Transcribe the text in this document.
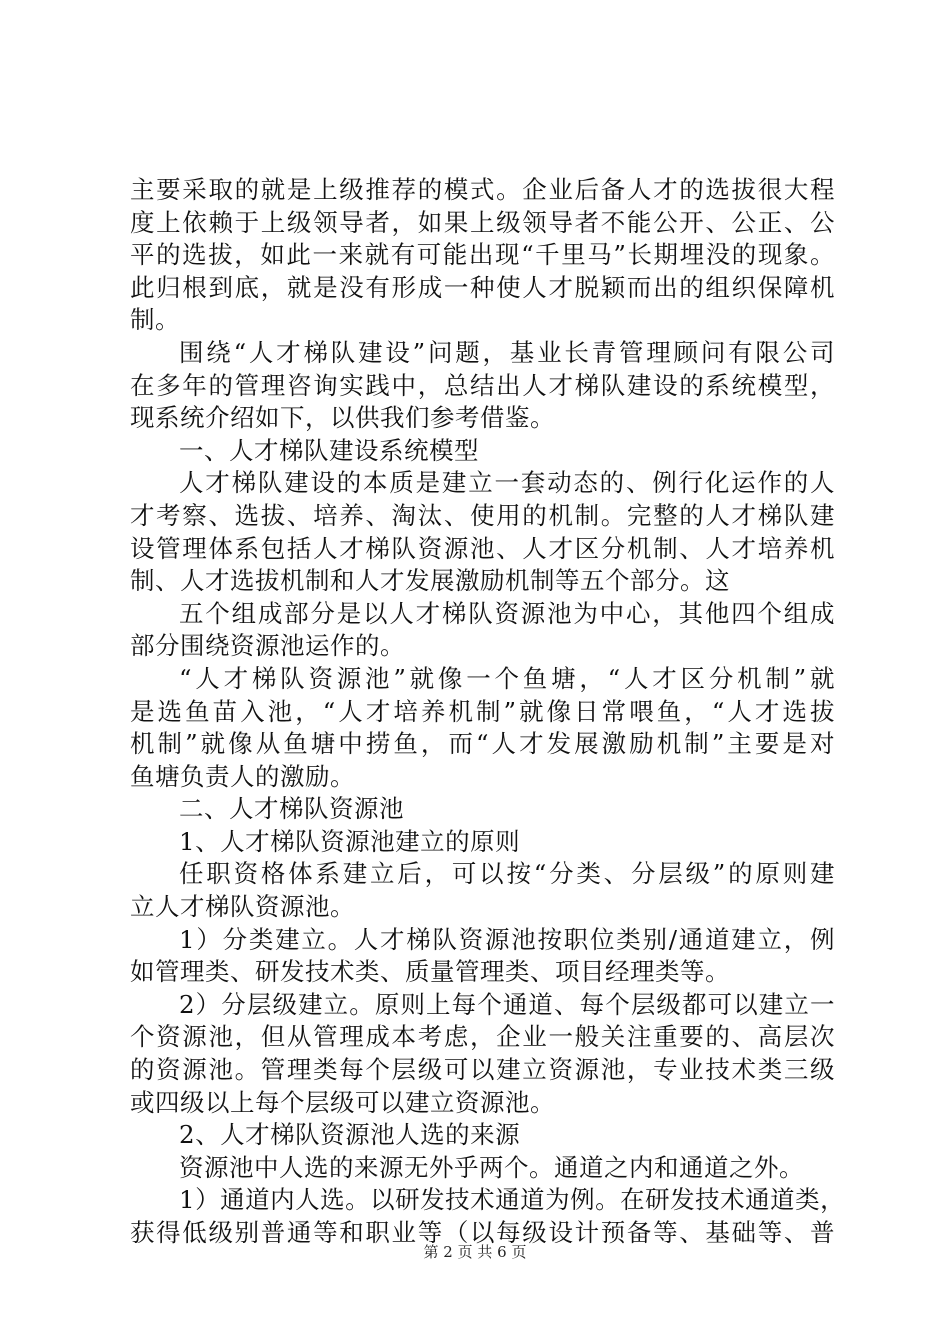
主要采取的就是上级推荐的模式。企业后备人才的选拔很大程
度上依赖于上级领导者，如果上级领导者不能公开、公正、公
平的选拔，如此一来就有可能出现“千里马”长期埋没的现象。
此归根到底，就是没有形成一种使人才脱颖而出的组织保障机
制。
围绕“人才梯队建设”问题，基业长青管理顾问有限公司
在多年的管理咨询实践中，总结出人才梯队建设的系统模型，
现系统介绍如下，以供我们参考借鉴。
一、人才梯队建设系统模型
人才梯队建设的本质是建立一套动态的、例行化运作的人
才考察、选拔、培养、淘汰、使用的机制。完整的人才梯队建
设管理体系包括人才梯队资源池、人才区分机制、人才培养机
制、人才选拔机制和人才发展激励机制等五个部分。这
五个组成部分是以人才梯队资源池为中心，其他四个组成
部分围绕资源池运作的。
“人才梯队资源池”就像一个鱼塘，“人才区分机制”就
是选鱼苗入池，“人才培养机制”就像日常喂鱼，“人才选拔
机制”就像从鱼塘中捞鱼，而“人才发展激励机制”主要是对
鱼塘负责人的激励。
二、人才梯队资源池
1、人才梯队资源池建立的原则
任职资格体系建立后，可以按“分类、分层级”的原则建
立人才梯队资源池。
1）分类建立。人才梯队资源池按职位类别/通道建立，例
如管理类、研发技术类、质量管理类、项目经理类等。
2）分层级建立。原则上每个通道、每个层级都可以建立一
个资源池，但从管理成本考虑，企业一般关注重要的、高层次
的资源池。管理类每个层级可以建立资源池，专业技术类三级
或四级以上每个层级可以建立资源池。
2、人才梯队资源池人选的来源
资源池中人选的来源无外乎两个。通道之内和通道之外。
1）通道内人选。以研发技术通道为例。在研发技术通道类，
获得低级别普通等和职业等（以每级设计预备等、基础等、普
第 2 页 共 6 页
